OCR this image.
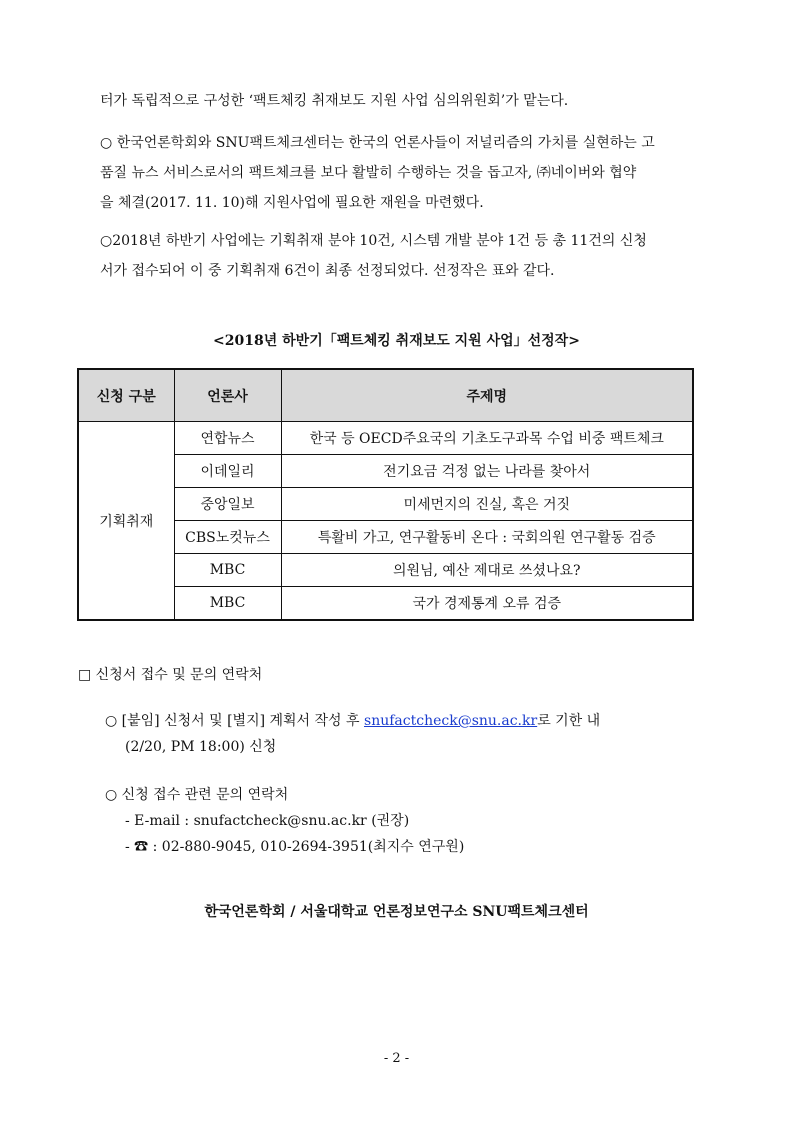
터가 독립적으로 구성한 ‘팩트체킹 취재보도 지원 사업 심의위원회’가 맡는다.
○ 한국언론학회와 SNU팩트체크센터는 한국의 언론사들이 저널리즘의 가치를 실현하는 고
품질 뉴스 서비스로서의 팩트체크를 보다 활발히 수행하는 것을 돕고자, ㈜네이버와 협약
을 체결(2017. 11. 10)해 지원사업에 필요한 재원을 마련했다.
○2018년 하반기 사업에는 기획취재 분야 10건, 시스템 개발 분야 1건 등 총 11건의 신청
서가 접수되어 이 중 기획취재 6건이 최종 선정되었다. 선정작은 표와 같다.
<2018년 하반기「팩트체킹 취재보도 지원 사업」선정작>
신청 구분	언론사	주제명
기획취재	연합뉴스	한국 등 OECD주요국의 기초도구과목 수업 비중 팩트체크
	이데일리	전기요금 걱정 없는 나라를 찾아서
	중앙일보	미세먼지의 진실, 혹은 거짓
	CBS노컷뉴스	특활비 가고, 연구활동비 온다 : 국회의원 연구활동 검증
	MBC	의원님, 예산 제대로 쓰셨나요?
	MBC	국가 경제통계 오류 검증
□ 신청서 접수 및 문의 연락처
○ [붙임] 신청서 및 [별지] 계획서 작성 후 snufactcheck@snu.ac.kr로 기한 내
(2/20, PM 18:00) 신청
○ 신청 접수 관련 문의 연락처
- E-mail : snufactcheck@snu.ac.kr (권장)
- ☎ : 02-880-9045, 010-2694-3951(최지수 연구원)
한국언론학회 / 서울대학교 언론정보연구소 SNU팩트체크센터
- 2 -
